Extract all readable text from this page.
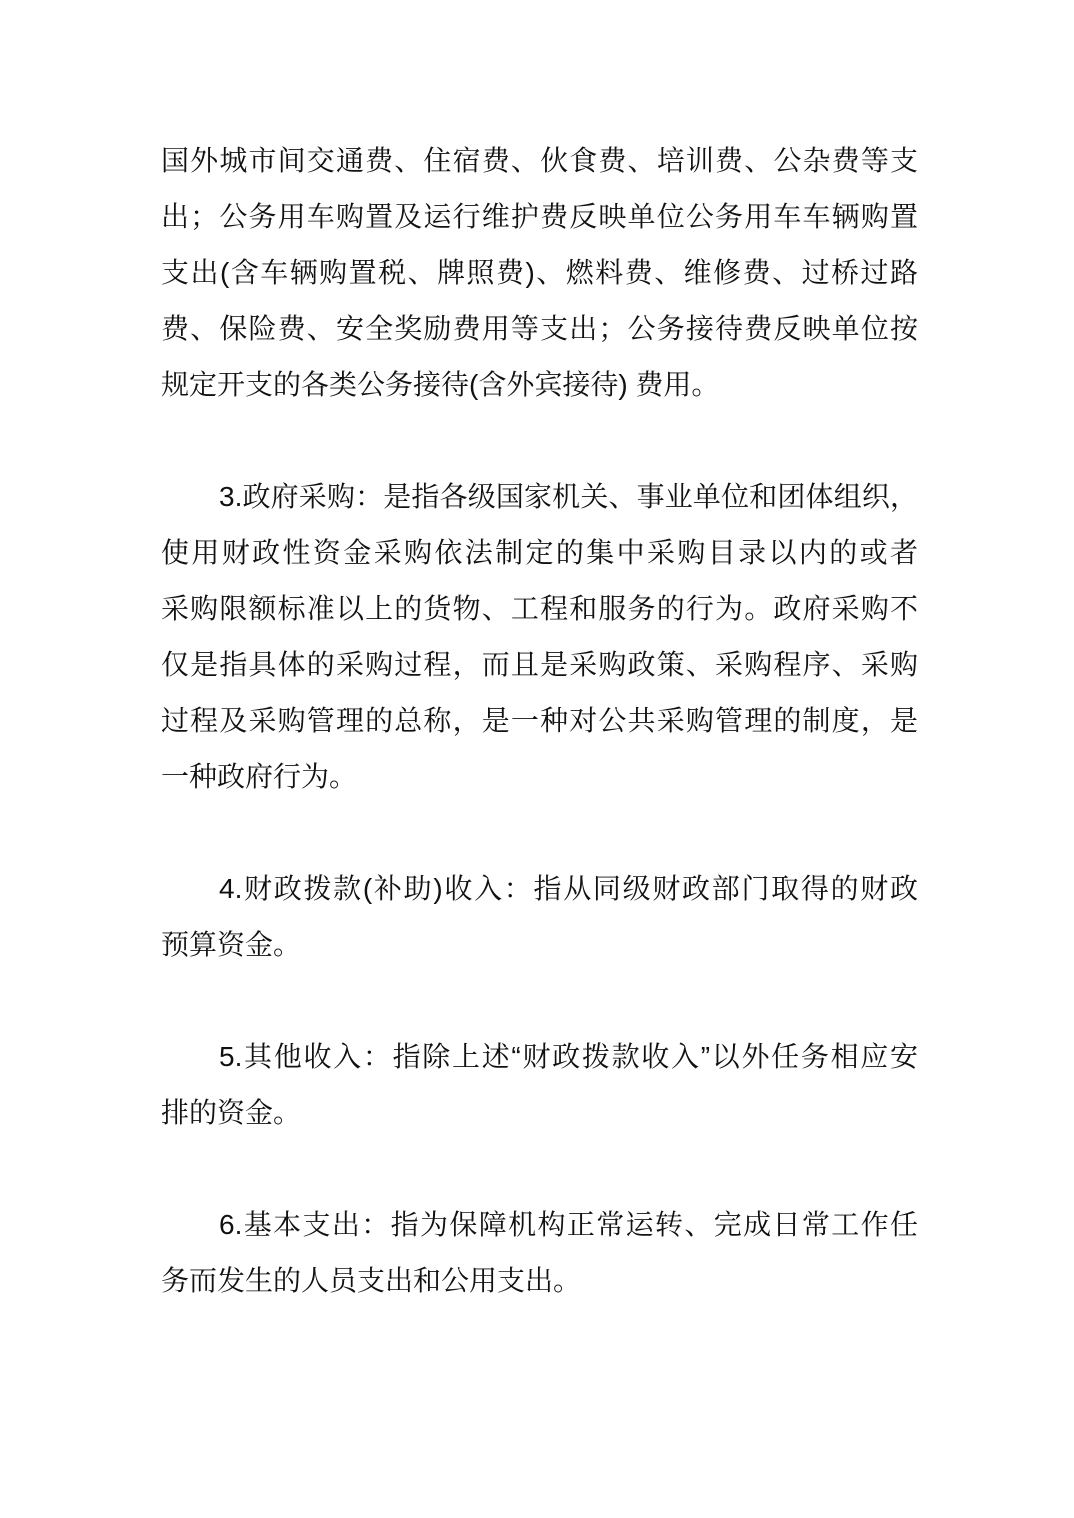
国外城市间交通费、住宿费、伙食费、培训费、公杂费等支
出；公务用车购置及运行维护费反映单位公务用车车辆购置
支出(含车辆购置税、牌照费)、燃料费、维修费、过桥过路
费、保险费、安全奖励费用等支出；公务接待费反映单位按
规定开支的各类公务接待(含外宾接待) 费用。
3.政府采购：是指各级国家机关、事业单位和团体组织，
使用财政性资金采购依法制定的集中采购目录以内的或者
采购限额标准以上的货物、工程和服务的行为。政府采购不
仅是指具体的采购过程，而且是采购政策、采购程序、采购
过程及采购管理的总称，是一种对公共采购管理的制度，是
一种政府行为。
4.财政拨款(补助)收入：指从同级财政部门取得的财政
预算资金。
5.其他收入：指除上述“财政拨款收入”以外任务相应安
排的资金。
6.基本支出：指为保障机构正常运转、完成日常工作任
务而发生的人员支出和公用支出。
